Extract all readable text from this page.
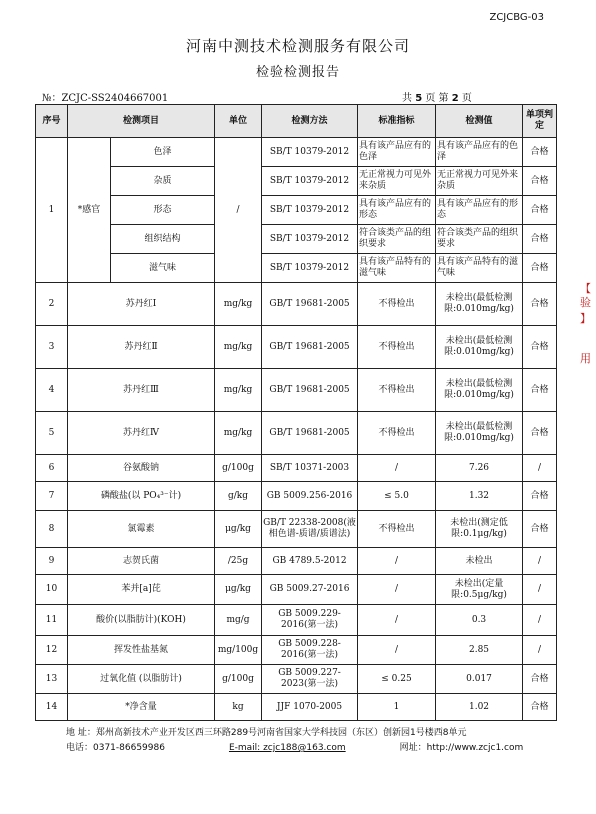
ZCJCBG-03
河南中测技术检测服务有限公司
检验检测报告
№：ZCJC-SS2404667001	共 5 页 第 2 页
序号	检测项目		单位	检测方法	标准指标	检测值	单项判定
1	*感官	色泽	/	SB/T 10379-2012	具有该产品应有的色泽	具有该产品应有的色泽	合格
		杂质		SB/T 10379-2012	无正常视力可见外来杂质	无正常视力可见外来杂质	合格
		形态		SB/T 10379-2012	具有该产品应有的形态	具有该产品应有的形态	合格
		组织结构		SB/T 10379-2012	符合该类产品的组织要求	符合该类产品的组织要求	合格
		滋气味		SB/T 10379-2012	具有该产品特有的滋气味	具有该产品特有的滋气味	合格
2	苏丹红Ⅰ		mg/kg	GB/T 19681-2005	不得检出	未检出(最低检测限:0.010mg/kg)	合格
3	苏丹红Ⅱ		mg/kg	GB/T 19681-2005	不得检出	未检出(最低检测限:0.010mg/kg)	合格
4	苏丹红Ⅲ		mg/kg	GB/T 19681-2005	不得检出	未检出(最低检测限:0.010mg/kg)	合格
5	苏丹红Ⅳ		mg/kg	GB/T 19681-2005	不得检出	未检出(最低检测限:0.010mg/kg)	合格
6	谷氨酸钠		g/100g	SB/T 10371-2003	/	7.26	/
7	磷酸盐(以 PO₄³⁻计)		g/kg	GB 5009.256-2016	≤ 5.0	1.32	合格
8	氯霉素		μg/kg	GB/T 22338-2008(液相色谱-质谱/质谱法)	不得检出	未检出(测定低限:0.1μg/kg)	合格
9	志贺氏菌		/25g	GB 4789.5-2012	/	未检出	/
10	苯并[a]芘		μg/kg	GB 5009.27-2016	/	未检出(定量限:0.5μg/kg)	/
11	酸价(以脂肪计)(KOH)		mg/g	GB 5009.229-2016(第一法)	/	0.3	/
12	挥发性盐基氮		mg/100g	GB 5009.228-2016(第一法)	/	2.85	/
13	过氧化值 (以脂肪计)		g/100g	GB 5009.227-2023(第一法)	≤ 0.25	0.017	合格
14	*净含量		kg	JJF 1070-2005	1	1.02	合格
地 址：郑州高新技术产业开发区西三环路289号河南省国家大学科技园（东区）创新园1号楼西8单元
电话：0371-86659986	E-mail: zcjc188@163.com	网址：http://www.zcjc1.com
【
验
】
用
